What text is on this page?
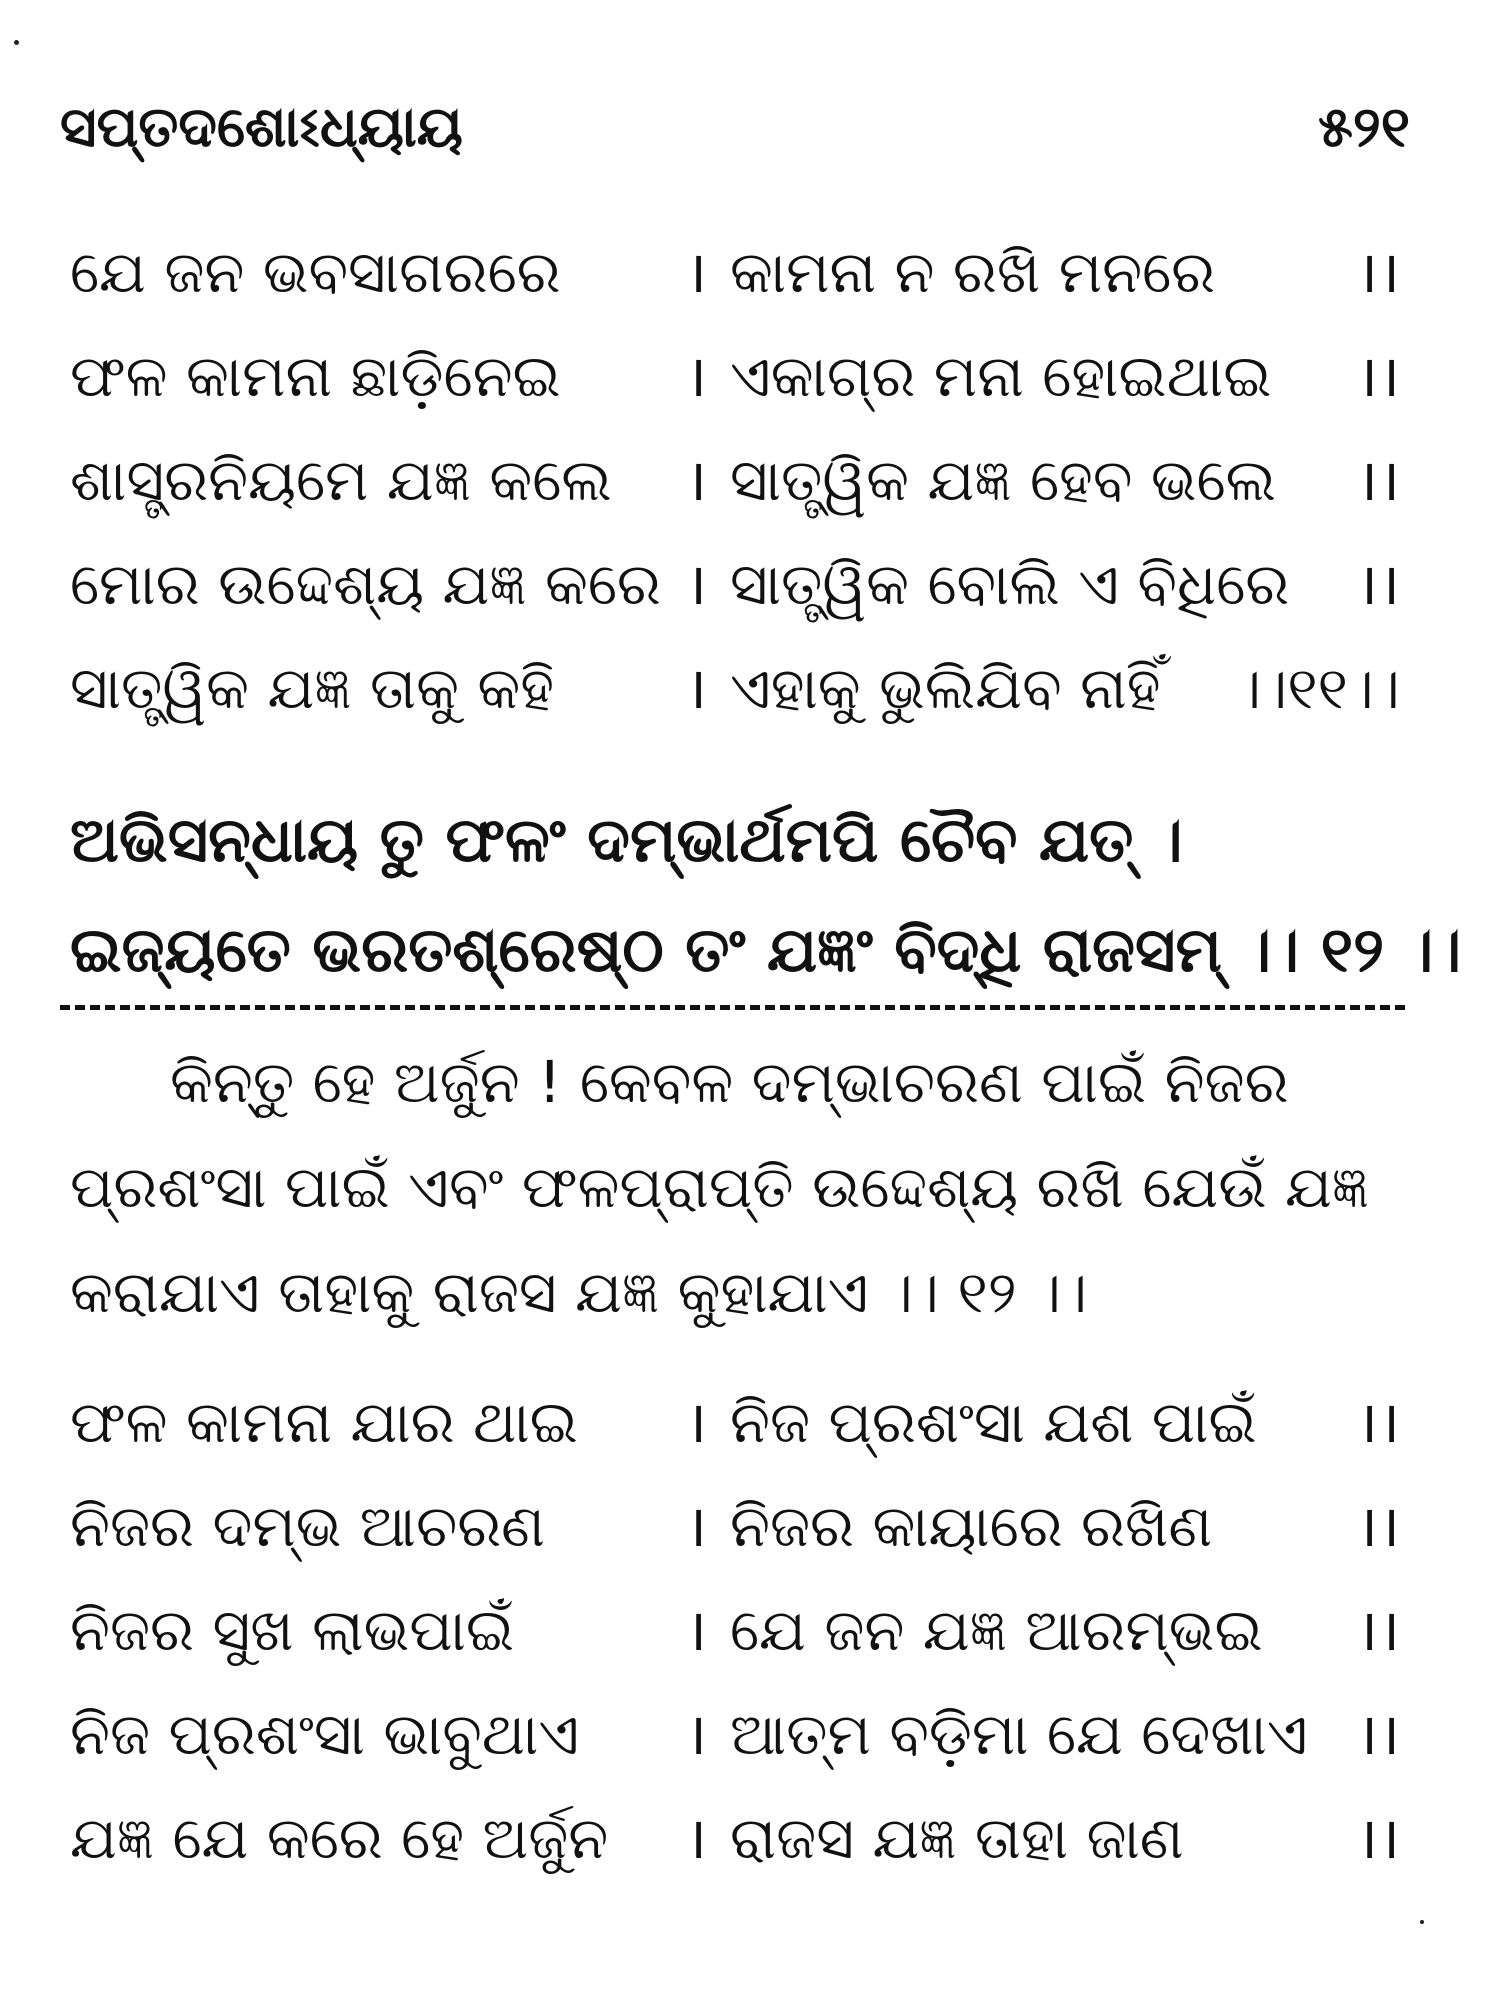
ସପ୍ତଦଶୋଽଧ୍ୟାୟ	୫୨୧
ଯେ ଜନ ଭବସାଗରରେ । କାମନା ନ ରଖି ମନରେ ।।
ଫଳ କାମନା ଛାଡ଼ିନେଇ । ଏକାଗ୍ର ମନା ହୋଇଥାଇ ।।
ଶାସ୍ତ୍ରନିୟମେ ଯଜ୍ଞ କଲେ । ସାତ୍ତ୍ୱିକ ଯଜ୍ଞ ହେବ ଭଲେ ।।
ମୋର ଉଦ୍ଦେଶ୍ୟ ଯଜ୍ଞ କରେ । ସାତ୍ତ୍ୱିକ ବୋଲି ଏ ବିଧିରେ ।।
ସାତ୍ତ୍ୱିକ ଯଜ୍ଞ ତାକୁ କହି । ଏହାକୁ ଭୁଲିଯିବ ନାହିଁ ।।୧୧।।
ଅଭିସନ୍ଧାୟ ତୁ ଫଳଂ ଦମ୍ଭାର୍ଥମପି ଚୈବ ଯତ୍ ।
ଇଜ୍ୟତେ ଭରତଶ୍ରେଷ୍ଠ ତଂ ଯଜ୍ଞଂ ବିଦ୍ଧି ରାଜସମ୍ ।। ୧୨ ।।
କିନ୍ତୁ ହେ ଅର୍ଜୁନ ! କେବଳ ଦମ୍ଭାଚରଣ ପାଇଁ ନିଜର
ପ୍ରଶଂସା ପାଇଁ ଏବଂ ଫଳପ୍ରାପ୍ତି ଉଦ୍ଦେଶ୍ୟ ରଖି ଯେଉଁ ଯଜ୍ଞ
କରାଯାଏ ତାହାକୁ ରାଜସ ଯଜ୍ଞ କୁହାଯାଏ ।। ୧୨ ।।
ଫଳ କାମନା ଯାର ଥାଇ । ନିଜ ପ୍ରଶଂସା ଯଶ ପାଇଁ ।।
ନିଜର ଦମ୍ଭ ଆଚରଣ । ନିଜର କାୟାରେ ରଖିଣ ।।
ନିଜର ସୁଖ ଲାଭପାଇଁ	। ଯେ ଜନ ଯଜ୍ଞ ଆରମ୍ଭଇ ।।
ନିଜ ପ୍ରଶଂସା ଭାବୁଥାଏ । ଆତ୍ମ ବଡ଼ିମା ଯେ ଦେଖାଏ ।।
ଯଜ୍ଞ ଯେ କରେ ହେ ଅର୍ଜୁନ । ରାଜସ ଯଜ୍ଞ ତାହା ଜାଣ	।।
